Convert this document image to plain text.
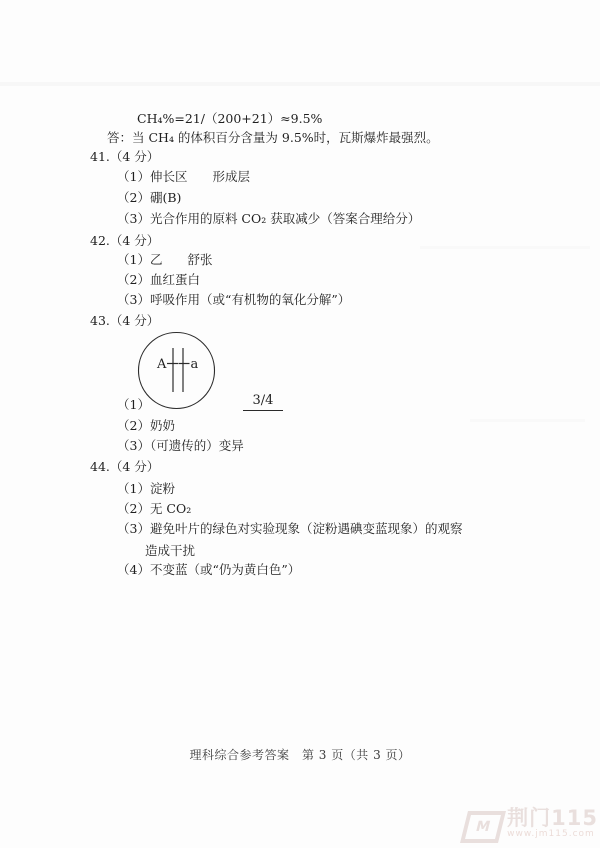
CH₄%=21/（200+21）≈9.5%
答：当 CH₄ 的体积百分含量为 9.5%时，瓦斯爆炸最强烈。
41.（4 分）
（1）伸长区　　形成层
（2）硼(B)
（3）光合作用的原料 CO₂ 获取减少（答案合理给分）
42.（4 分）
（1）乙　　舒张
（2）血红蛋白
（3）呼吸作用（或“有机物的氧化分解”）
43.（4 分）
A a
（1）	3/4
（2）奶奶
（3）（可遗传的）变异
44.（4 分）
（1）淀粉
（2）无 CO₂
（3）避免叶片的绿色对实验现象（淀粉遇碘变蓝现象）的观察
造成干扰
（4）不变蓝（或“仍为黄白色”）
理科综合参考答案　第 3 页（共 3 页）
M 荆门115
www.jm115.com
